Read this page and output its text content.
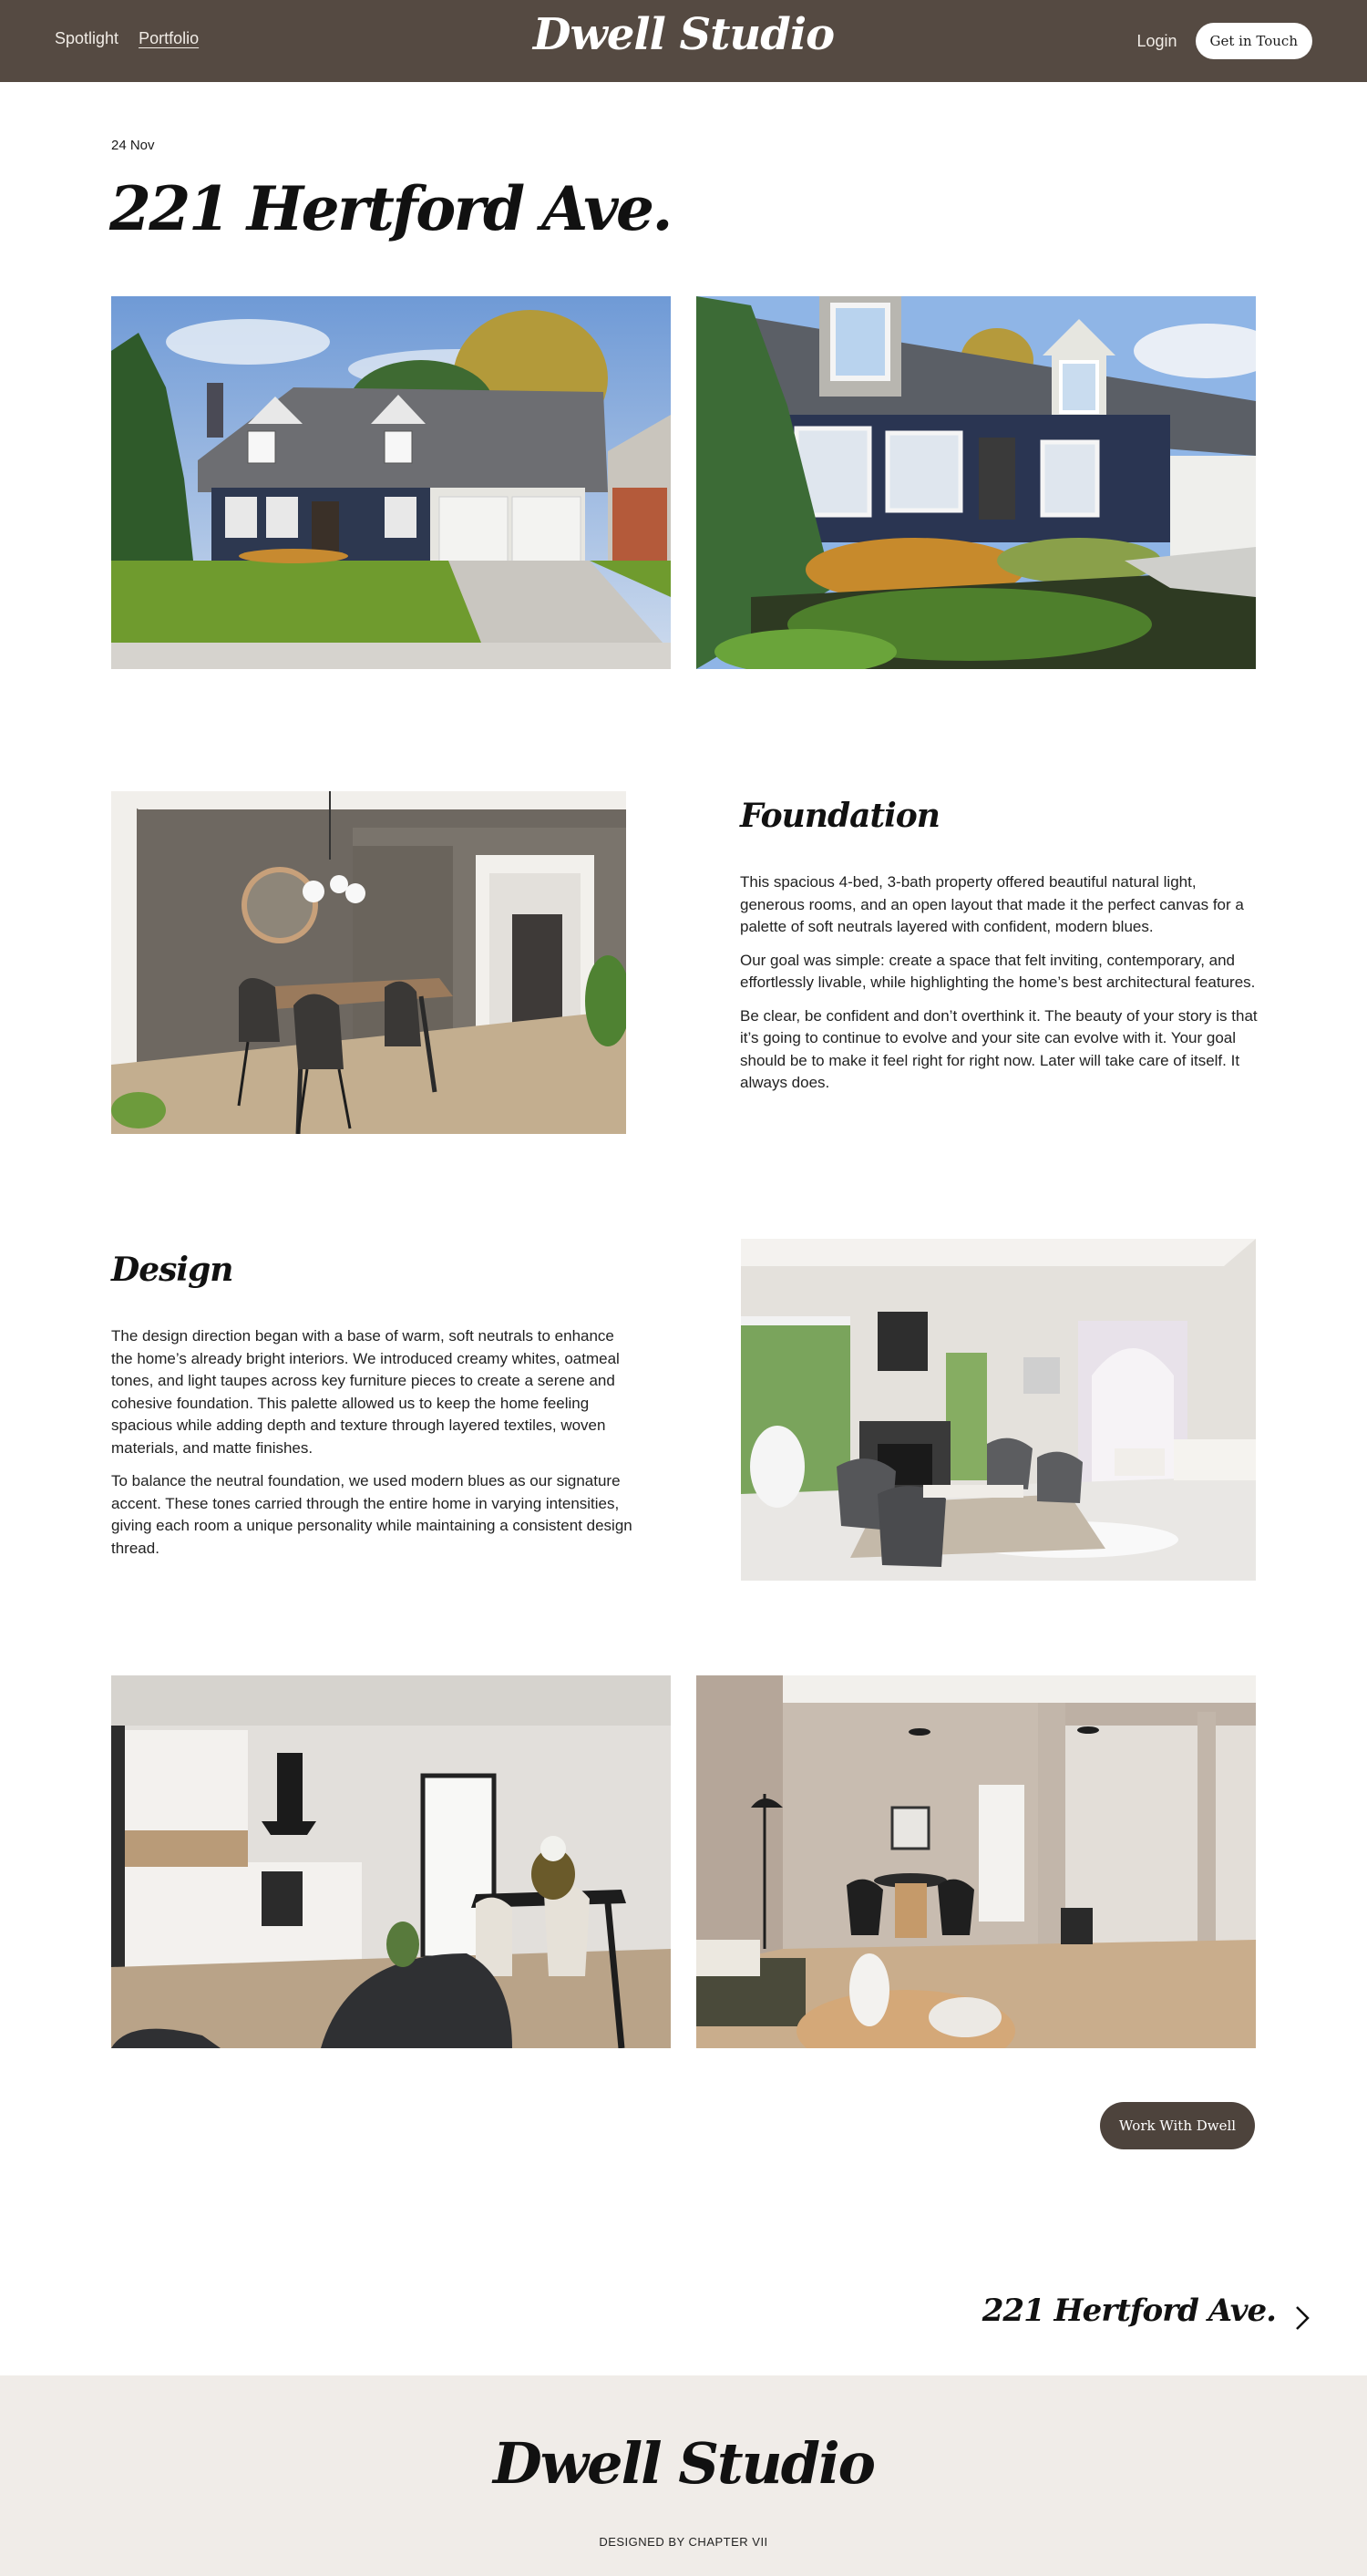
Spotlight Portfolio	Dwell Studio	Login	Get in Touch
24 Nov
221 Hertford Ave.
Foundation

This spacious 4-bed, 3-bath property offered beautiful natural light, generous rooms, and an open layout that made it the perfect canvas for a palette of soft neutrals layered with confident, modern blues.

Our goal was simple: create a space that felt inviting, contemporary, and effortlessly livable, while highlighting the home’s best architectural features.

Be clear, be confident and don’t overthink it. The beauty of your story is that it’s going to continue to evolve and your site can evolve with it. Your goal should be to make it feel right for right now. Later will take care of itself. It always does.

Design

The design direction began with a base of warm, soft neutrals to enhance the home’s already bright interiors. We introduced creamy whites, oatmeal tones, and light taupes across key furniture pieces to create a serene and cohesive foundation. This palette allowed us to keep the home feeling spacious while adding depth and texture through layered textiles, woven materials, and matte finishes.

To balance the neutral foundation, we used modern blues as our signature accent. These tones carried through the entire home in varying intensities, giving each room a unique personality while maintaining a consistent design thread.

Work With Dwell
221 Hertford Ave.
Dwell Studio
DESIGNED BY CHAPTER VII
